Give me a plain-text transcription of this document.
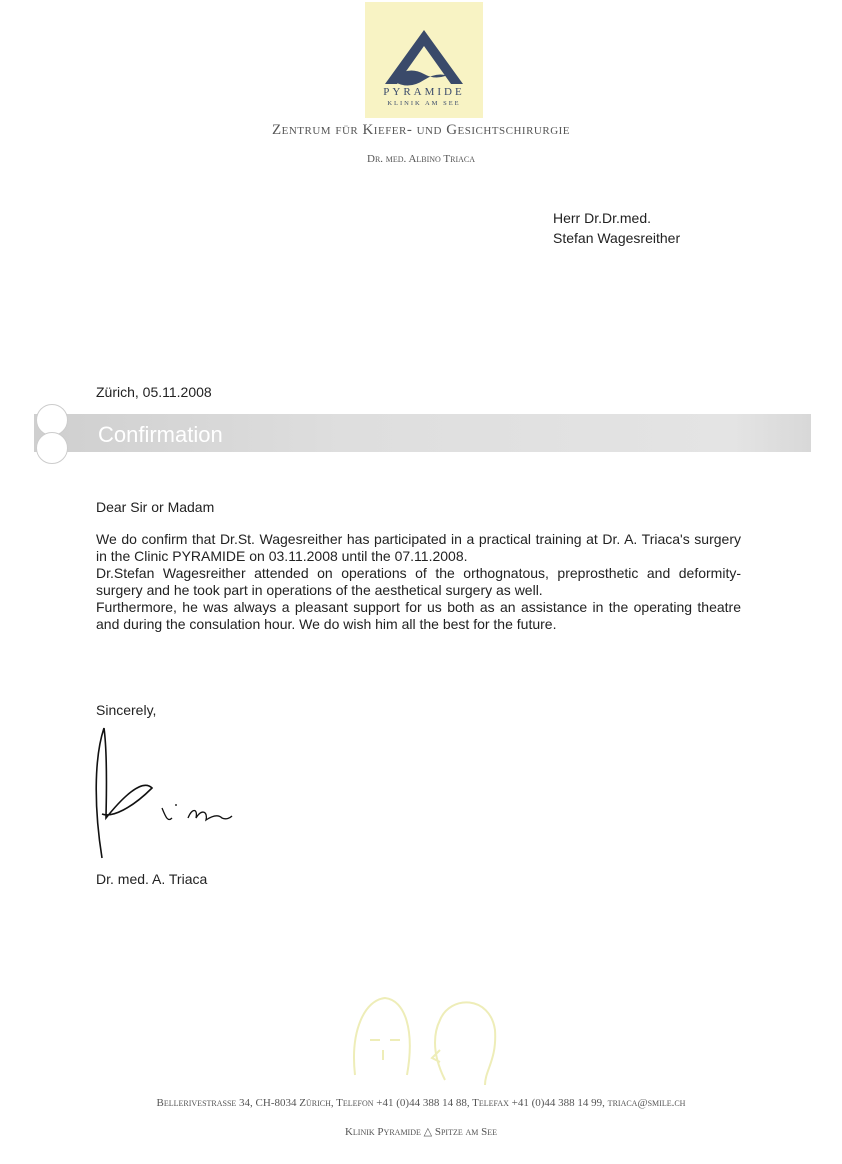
PYRAMIDE
KLINIK AM SEE
Zentrum für Kiefer- und Gesichtschirurgie
Dr. med. Albino Triaca
Herr Dr.Dr.med.
Stefan Wagesreither
Zürich, 05.11.2008
Confirmation
Dear Sir or Madam

We do confirm that Dr.St. Wagesreither has participated in a practical training at Dr. A. Triaca's surgery in the Clinic PYRAMIDE on 03.11.2008 until the 07.11.2008.

Dr.Stefan Wagesreither attended on operations of the orthognatous, preprosthetic and deformity-surgery and he took part in operations of the aesthetical surgery as well.

Furthermore, he was always a pleasant support for us both as an assistance in the operating theatre and during the consulation hour. We do wish him all the best for the future.

Sincerely,
Dr. med. A. Triaca
Bellerivestrasse 34, CH-8034 Zürich, Telefon +41 (0)44 388 14 88, Telefax +41 (0)44 388 14 99, triaca@smile.ch
Klinik Pyramide △ Spitze am See
